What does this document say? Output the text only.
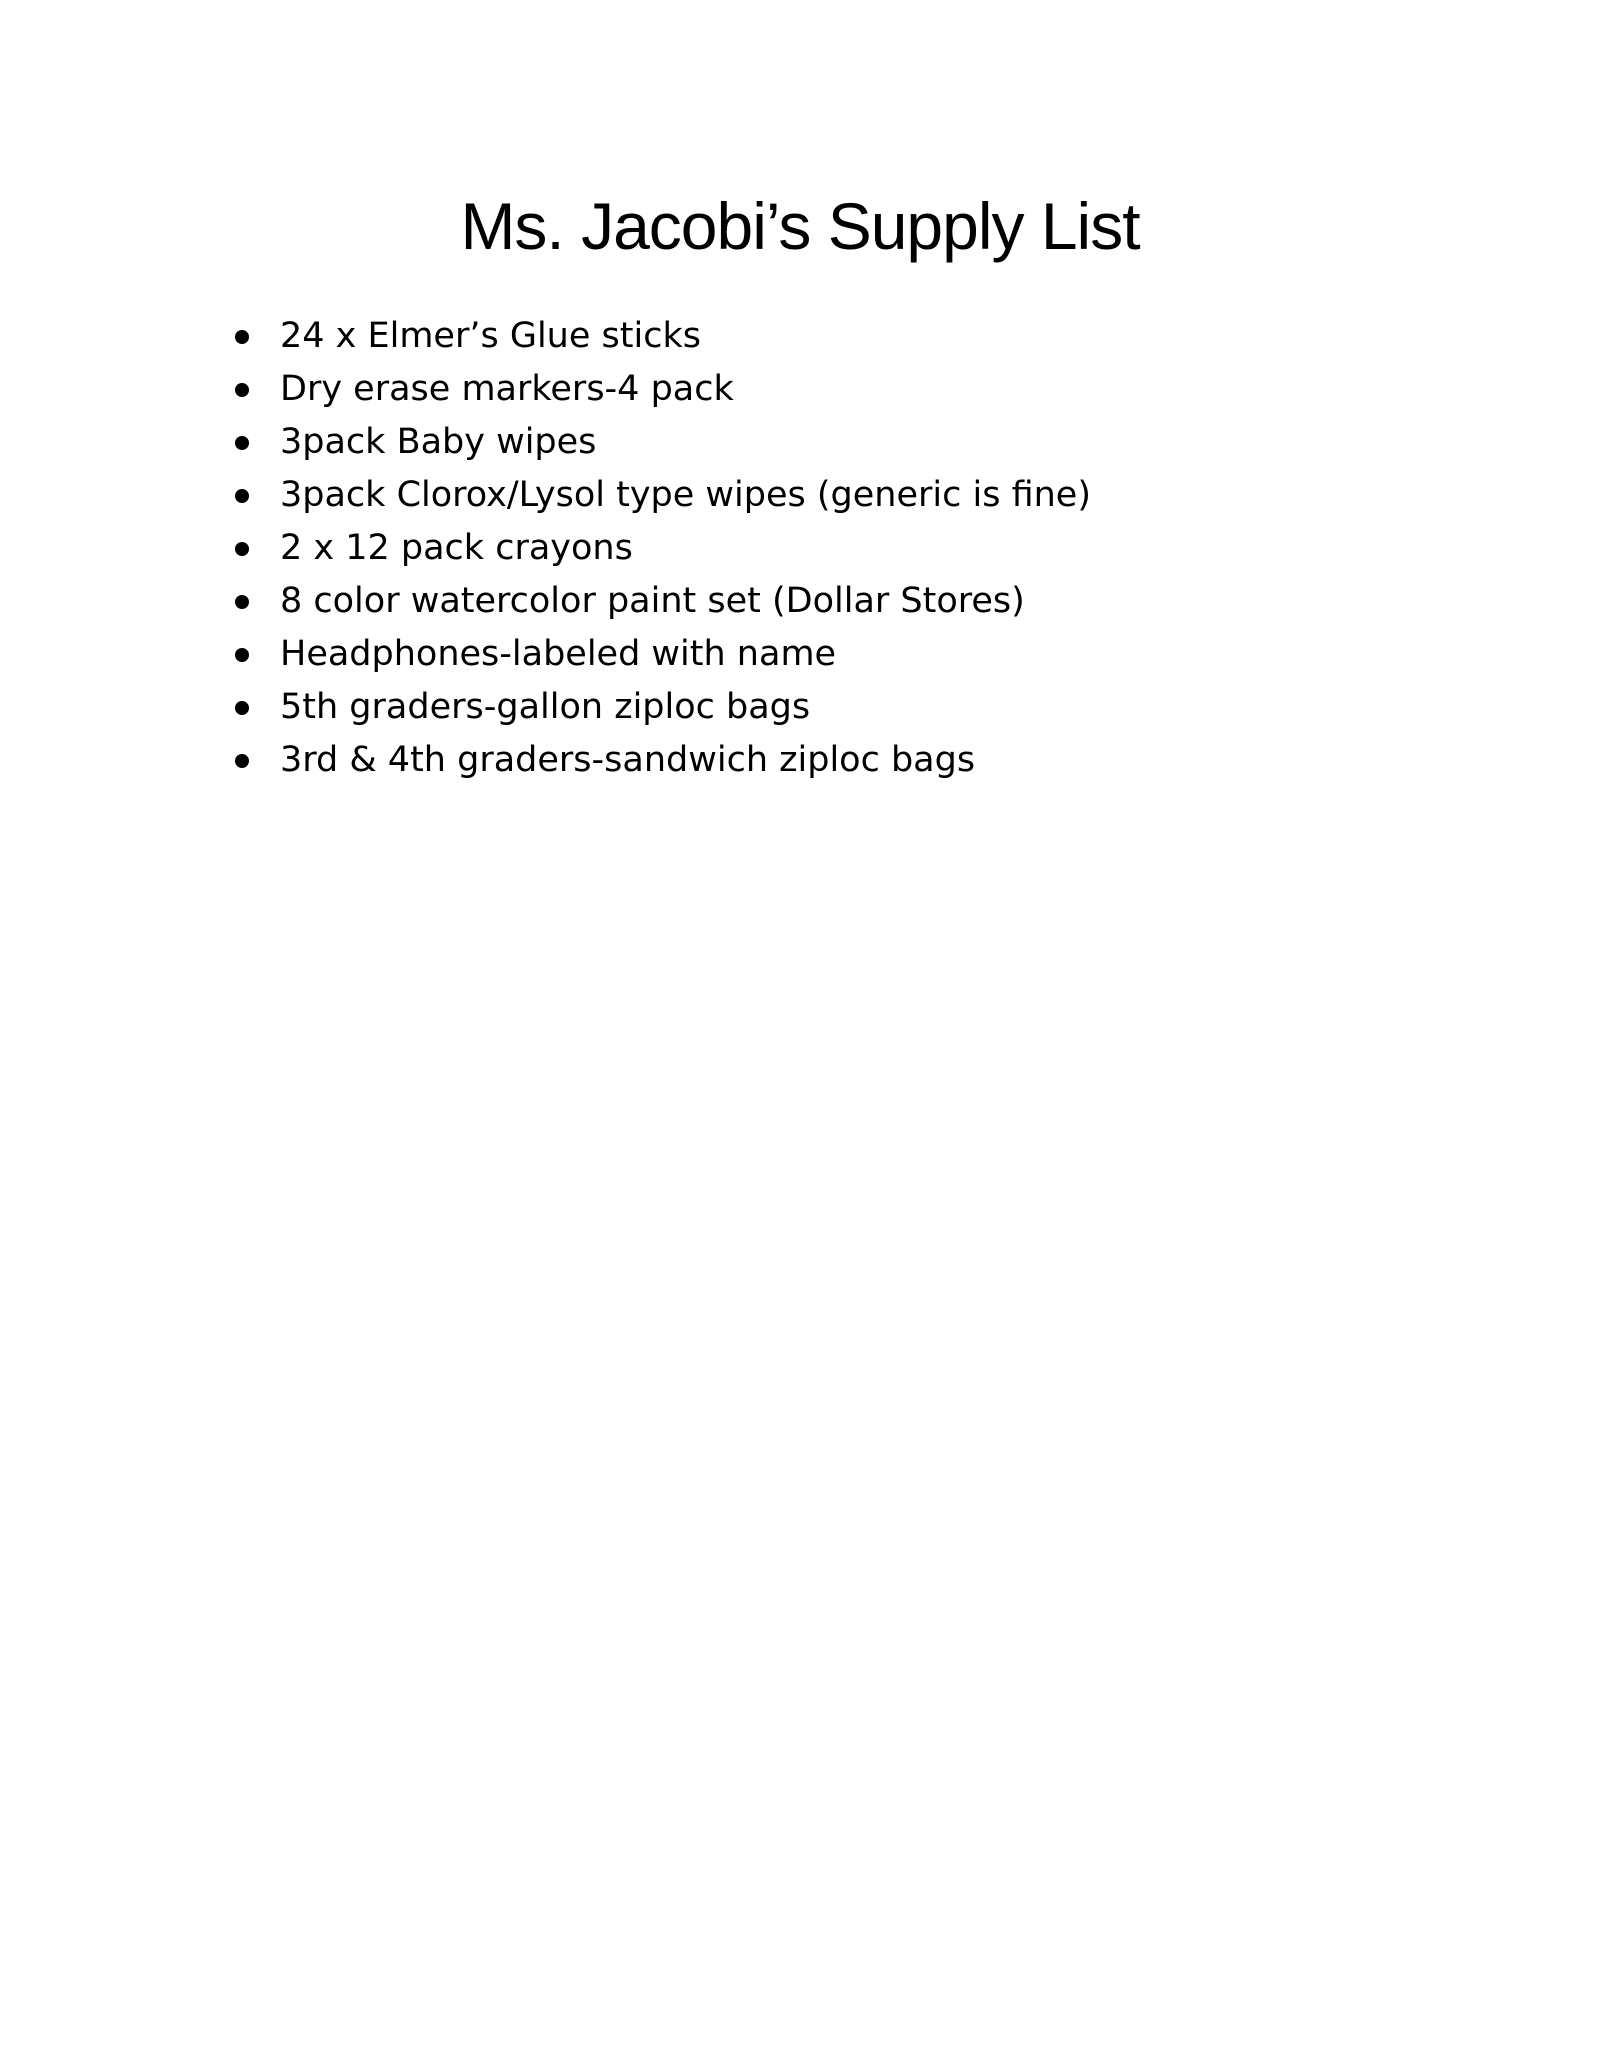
Ms. Jacobi’s Supply List
24 x Elmer’s Glue sticks
Dry erase markers-4 pack
3pack Baby wipes
3pack Clorox/Lysol type wipes (generic is fine)
2 x 12 pack crayons
8 color watercolor paint set (Dollar Stores)
Headphones-labeled with name
5th graders-gallon ziploc bags
3rd & 4th graders-sandwich ziploc bags
